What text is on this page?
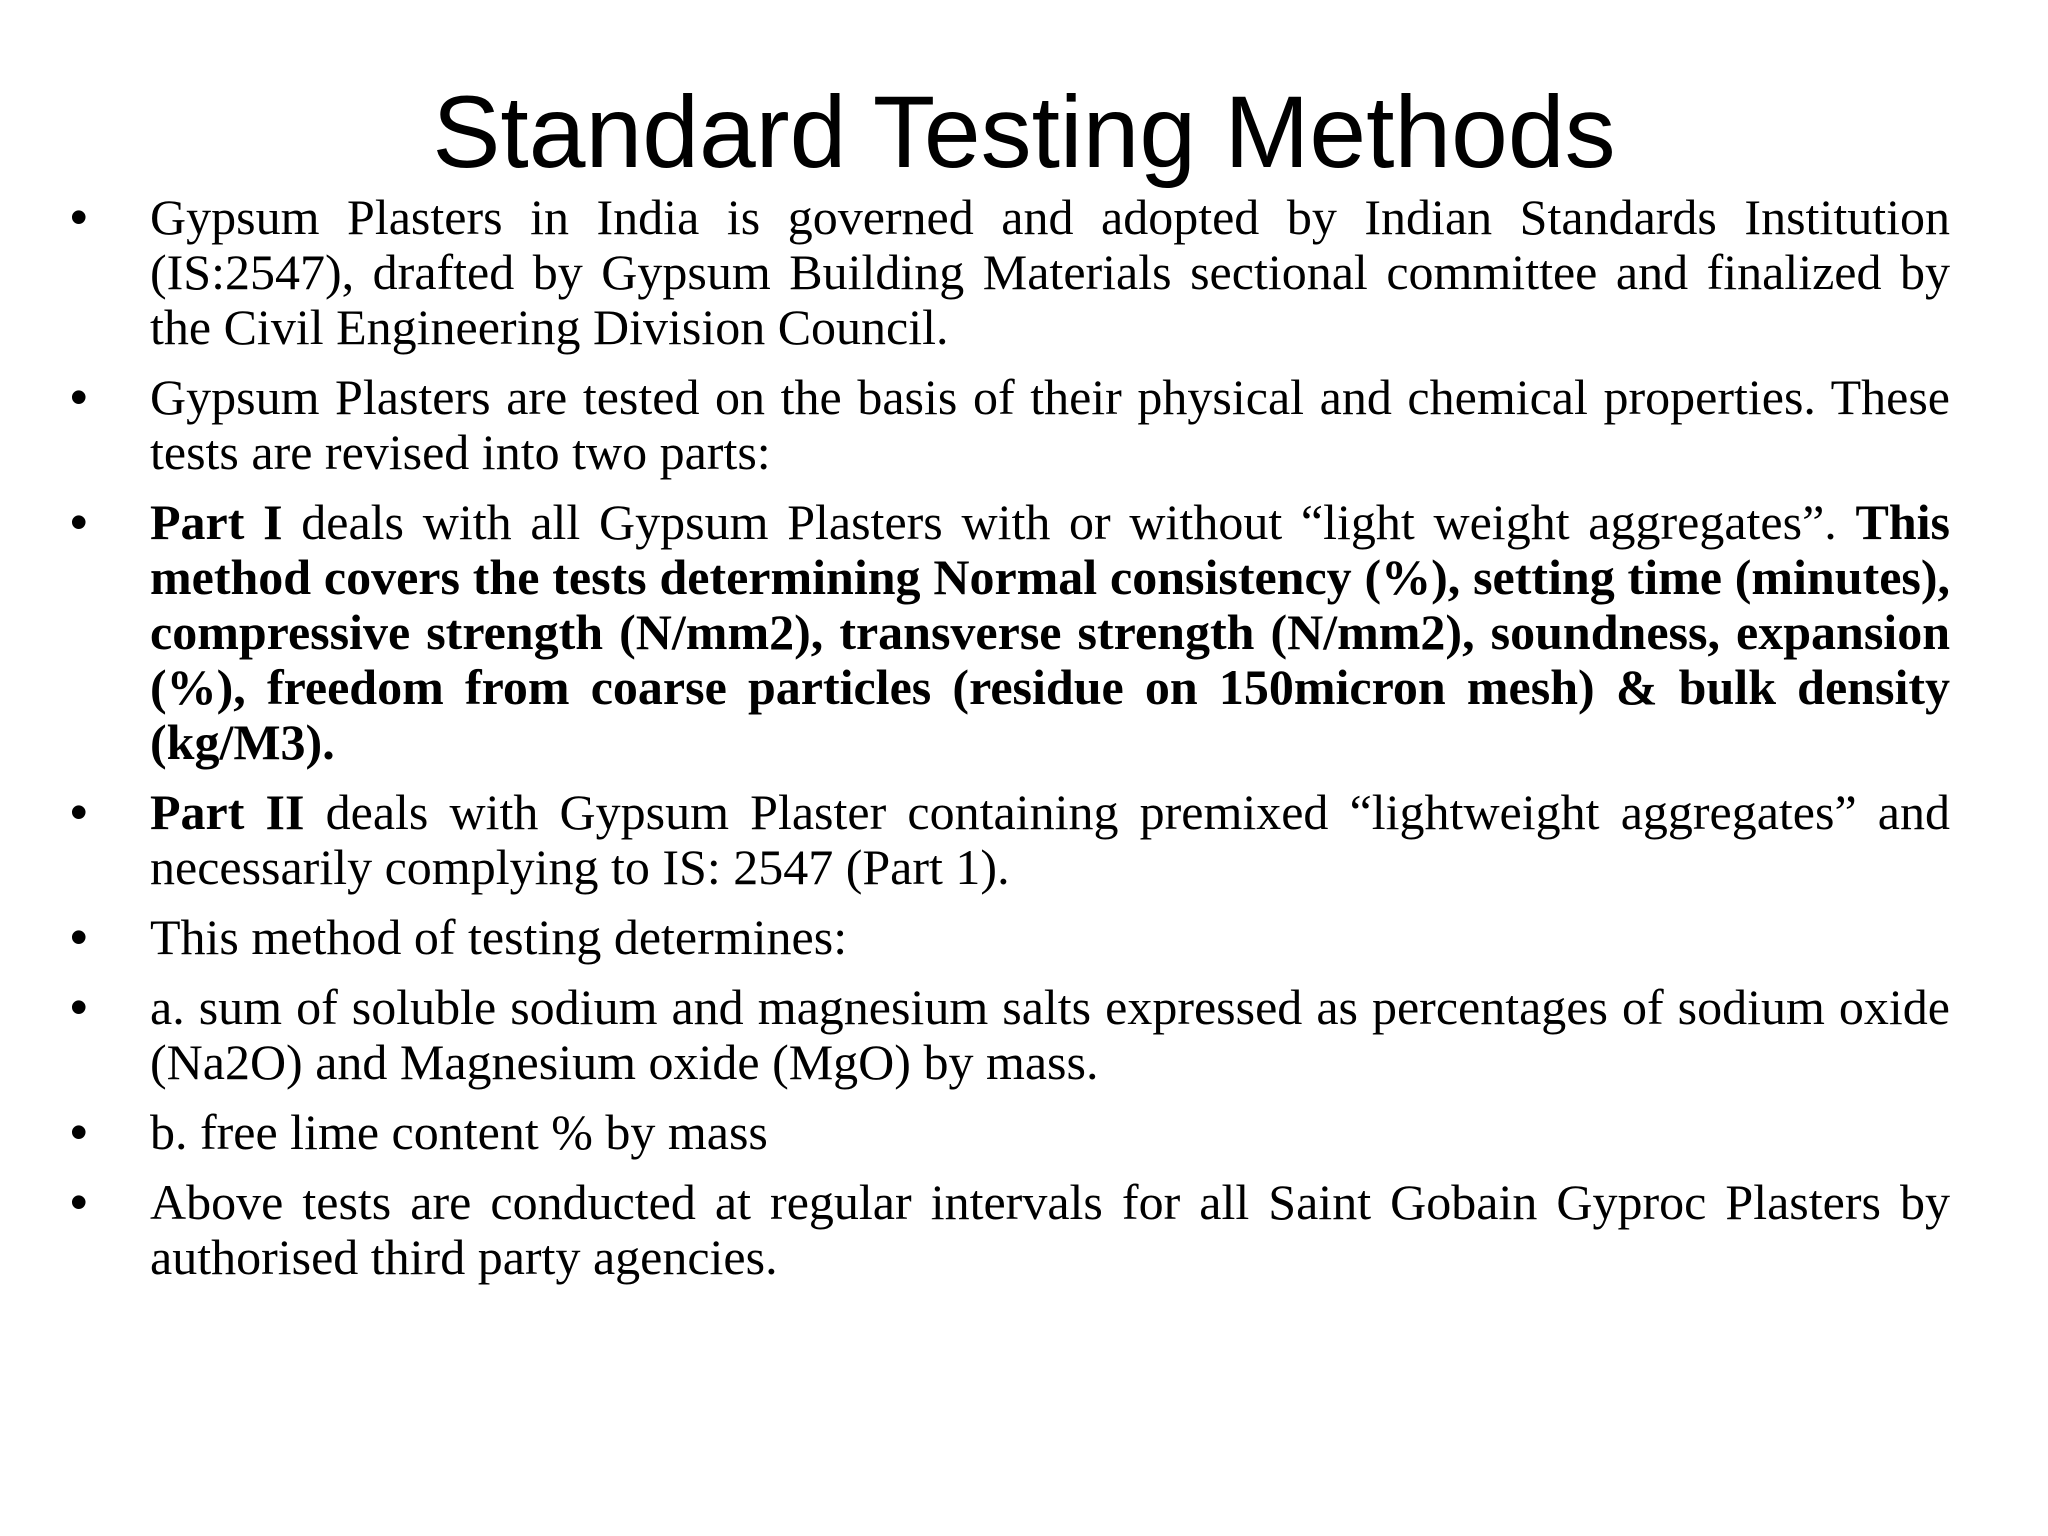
Standard Testing Methods
•	Gypsum Plasters in India is governed and adopted by Indian Standards Institution (IS:2547), drafted by Gypsum Building Materials sectional committee and finalized by the Civil Engineering Division Council.
•	Gypsum Plasters are tested on the basis of their physical and chemical properties. These tests are revised into two parts:
•	Part I deals with all Gypsum Plasters with or without “light weight aggregates”. This method covers the tests determining Normal consistency (%), setting time (minutes), compressive strength (N/mm2), transverse strength (N/mm2), soundness, expansion (%), freedom from coarse particles (residue on 150micron mesh) & bulk density (kg/M3).
•	Part II deals with Gypsum Plaster containing premixed “lightweight aggregates” and necessarily complying to IS: 2547 (Part 1).
•	This method of testing determines:
•	a. sum of soluble sodium and magnesium salts expressed as percentages of sodium oxide (Na2O) and Magnesium oxide (MgO) by mass.
•	b. free lime content % by mass
•	Above tests are conducted at regular intervals for all Saint Gobain Gyproc Plasters by authorised third party agencies.
